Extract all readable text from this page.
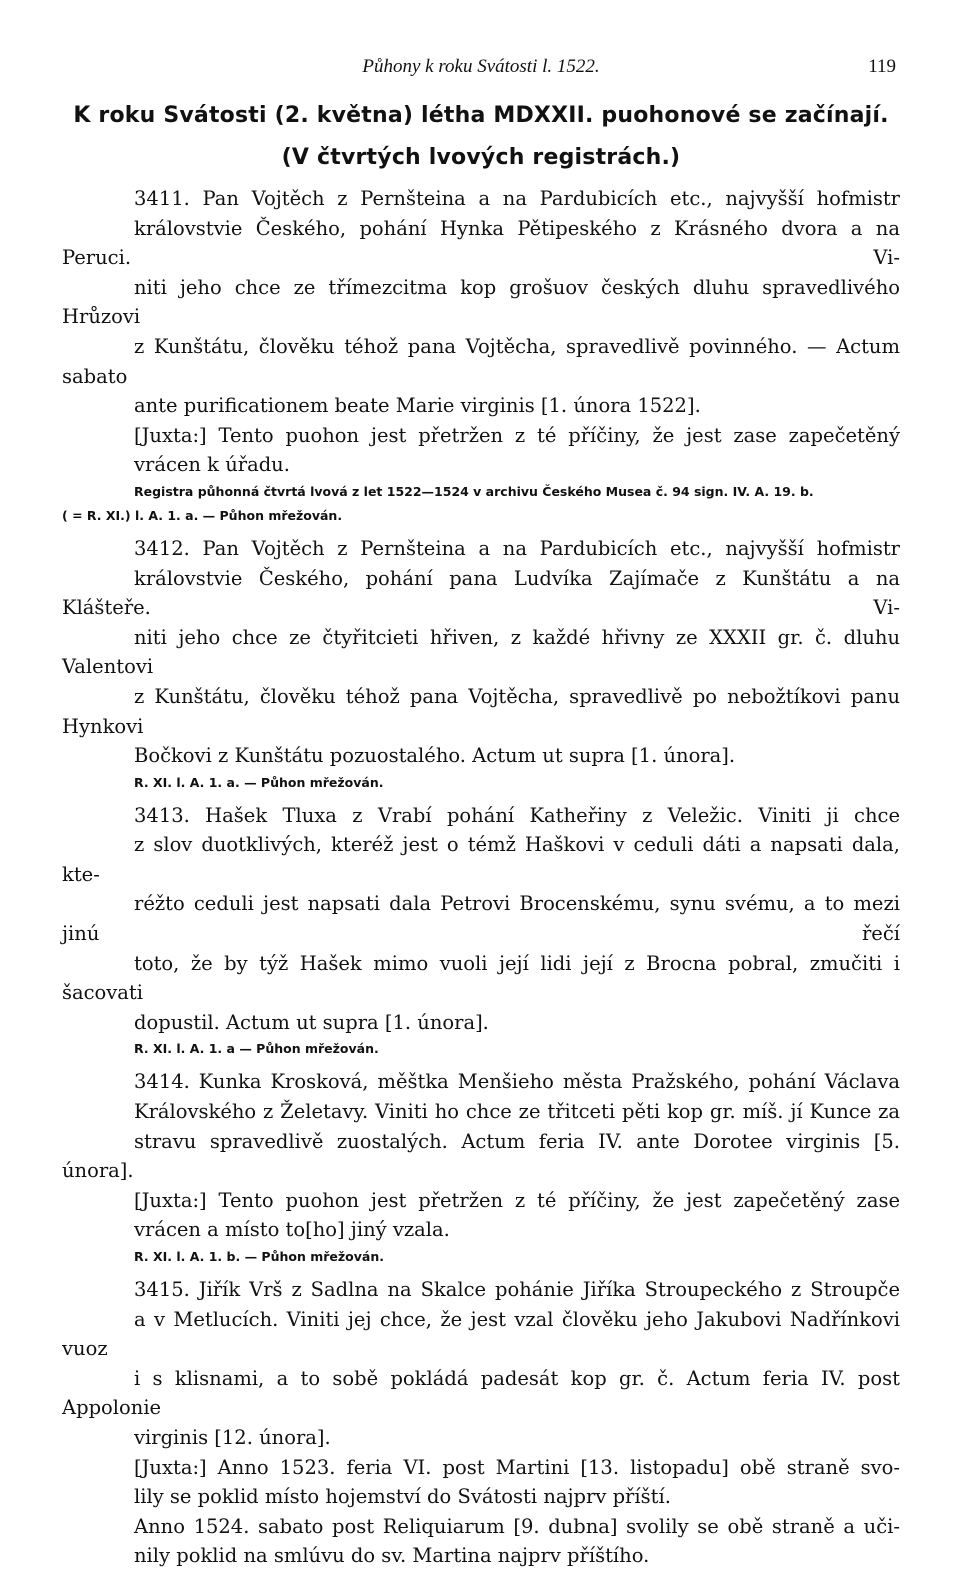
Půhony k roku Svátosti l. 1522.	119
K roku Svátosti (2. května) létha MDXXII. puohonové se začínají.
(V čtvrtých lvových registrách.)

3411. Pan Vojtěch z Pernšteina a na Pardubicích etc., najvyšší hofmistr
královstvie Českého, pohání Hynka Pětipeského z Krásného dvora a na Peruci. Vi-
niti jeho chce ze třímezcitma kop grošuov českých dluhu spravedlivého Hrůzovi
z Kunštátu, člověku téhož pana Vojtěcha, spravedlivě povinného. — Actum sabato
ante purificationem beate Marie virginis [1. února 1522].

[Juxta:] Tento puohon jest přetržen z té příčiny, že jest zase zapečetěný
vrácen k úřadu.

Registra půhonná čtvrtá lvová z let 1522—1524 v archivu Českého Musea č. 94 sign. IV. A. 19. b.
( = R. XI.) l. A. 1. a. — Půhon mřežován.

3412. Pan Vojtěch z Pernšteina a na Pardubicích etc., najvyšší hofmistr
královstvie Českého, pohání pana Ludvíka Zajímače z Kunštátu a na Klášteře. Vi-
niti jeho chce ze čtyřitcieti hřiven, z každé hřivny ze XXXII gr. č. dluhu Valentovi
z Kunštátu, člověku téhož pana Vojtěcha, spravedlivě po nebožtíkovi panu Hynkovi
Bočkovi z Kunštátu pozuostalého. Actum ut supra [1. února].

R. XI. l. A. 1. a. — Půhon mřežován.

3413. Hašek Tluxa z Vrabí pohání Katheřiny z Veležic. Viniti ji chce
z slov duotklivých, kteréž jest o témž Haškovi v ceduli dáti a napsati dala, kte-
réžto ceduli jest napsati dala Petrovi Brocenskému, synu svému, a to mezi jinú řečí
toto, že by týž Hašek mimo vuoli její lidi její z Brocna pobral, zmučiti i šacovati
dopustil. Actum ut supra [1. února].

R. XI. l. A. 1. a — Půhon mřežován.

3414. Kunka Krosková, měštka Menšieho města Pražského, pohání Václava
Královského z Želetavy. Viniti ho chce ze třitceti pěti kop gr. míš. jí Kunce za
stravu spravedlivě zuostalých. Actum feria IV. ante Dorotee virginis [5. února].

[Juxta:] Tento puohon jest přetržen z té příčiny, že jest zapečetěný zase
vrácen a místo to[ho] jiný vzala.

R. XI. l. A. 1. b. — Půhon mřežován.

3415. Jiřík Vrš z Sadlna na Skalce pohánie Jiříka Stroupeckého z Stroupče
a v Metlucích. Viniti jej chce, že jest vzal člověku jeho Jakubovi Nadřínkovi vuoz
i s klisnami, a to sobě pokládá padesát kop gr. č. Actum feria IV. post Appolonie
virginis [12. února].

[Juxta:] Anno 1523. feria VI. post Martini [13. listopadu] obě straně svo-
lily se poklid místo hojemství do Svátosti najprv příští.

Anno 1524. sabato post Reliquiarum [9. dubna] svolily se obě straně a uči-
nily poklid na smlúvu do sv. Martina najprv příštího.
